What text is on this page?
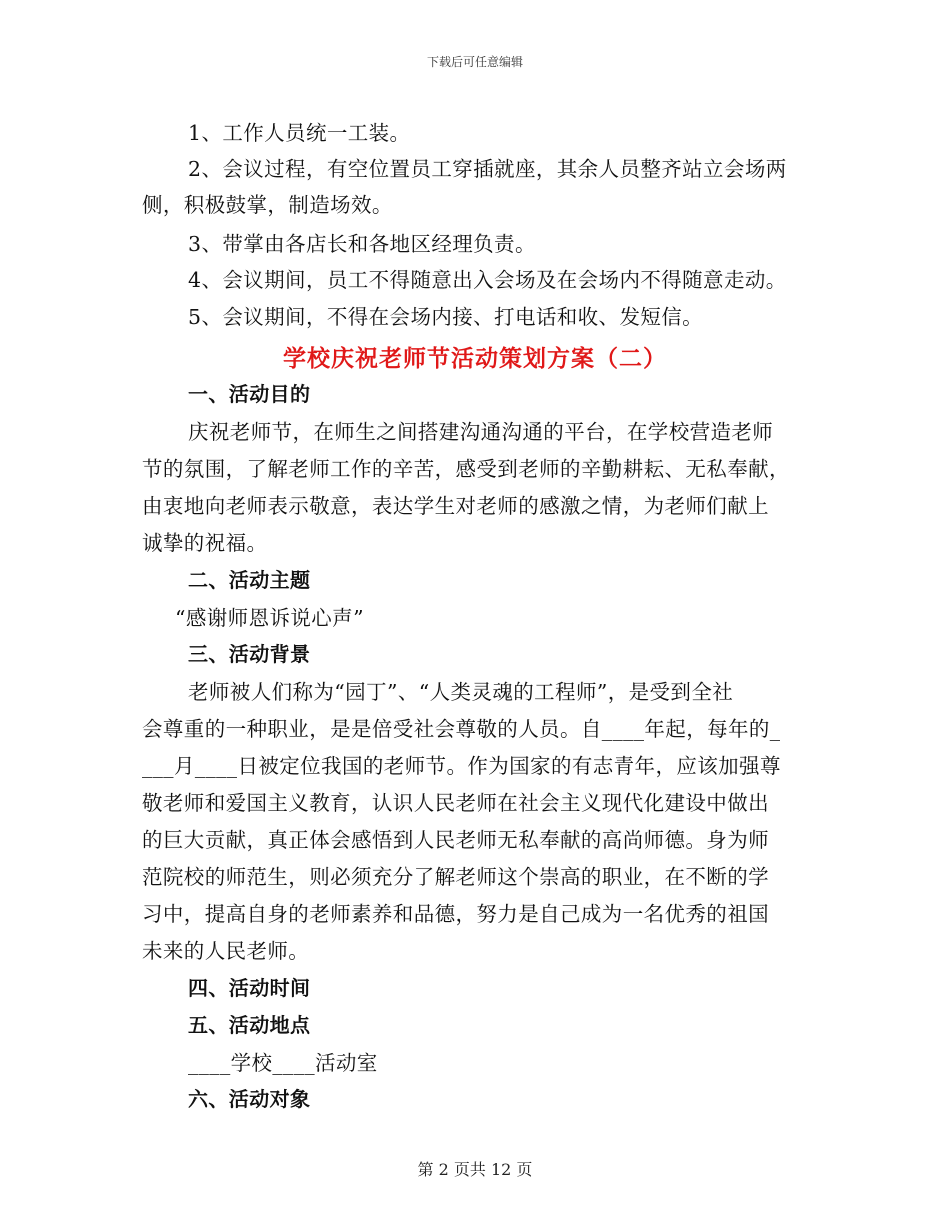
下载后可任意编辑
1、工作人员统一工装。
2、会议过程，有空位置员工穿插就座，其余人员整齐站立会场两
侧，积极鼓掌，制造场效。
3、带掌由各店长和各地区经理负责。
4、会议期间，员工不得随意出入会场及在会场内不得随意走动。
5、会议期间，不得在会场内接、打电话和收、发短信。
学校庆祝老师节活动策划方案（二）
一、活动目的
庆祝老师节，在师生之间搭建沟通沟通的平台，在学校营造老师
节的氛围，了解老师工作的辛苦，感受到老师的辛勤耕耘、无私奉献，
由衷地向老师表示敬意，表达学生对老师的感激之情，为老师们献上
诚挚的祝福。
二、活动主题
“感谢师恩诉说心声”
三、活动背景
老师被人们称为“园丁”、“人类灵魂的工程师”，是受到全社
会尊重的一种职业，是是倍受社会尊敬的人员。自____年起，每年的_
___月____日被定位我国的老师节。作为国家的有志青年，应该加强尊
敬老师和爱国主义教育，认识人民老师在社会主义现代化建设中做出
的巨大贡献，真正体会感悟到人民老师无私奉献的高尚师德。身为师
范院校的师范生，则必须充分了解老师这个崇高的职业，在不断的学
习中，提高自身的老师素养和品德，努力是自己成为一名优秀的祖国
未来的人民老师。
四、活动时间
五、活动地点
____学校____活动室
六、活动对象
第 2 页共 12 页
